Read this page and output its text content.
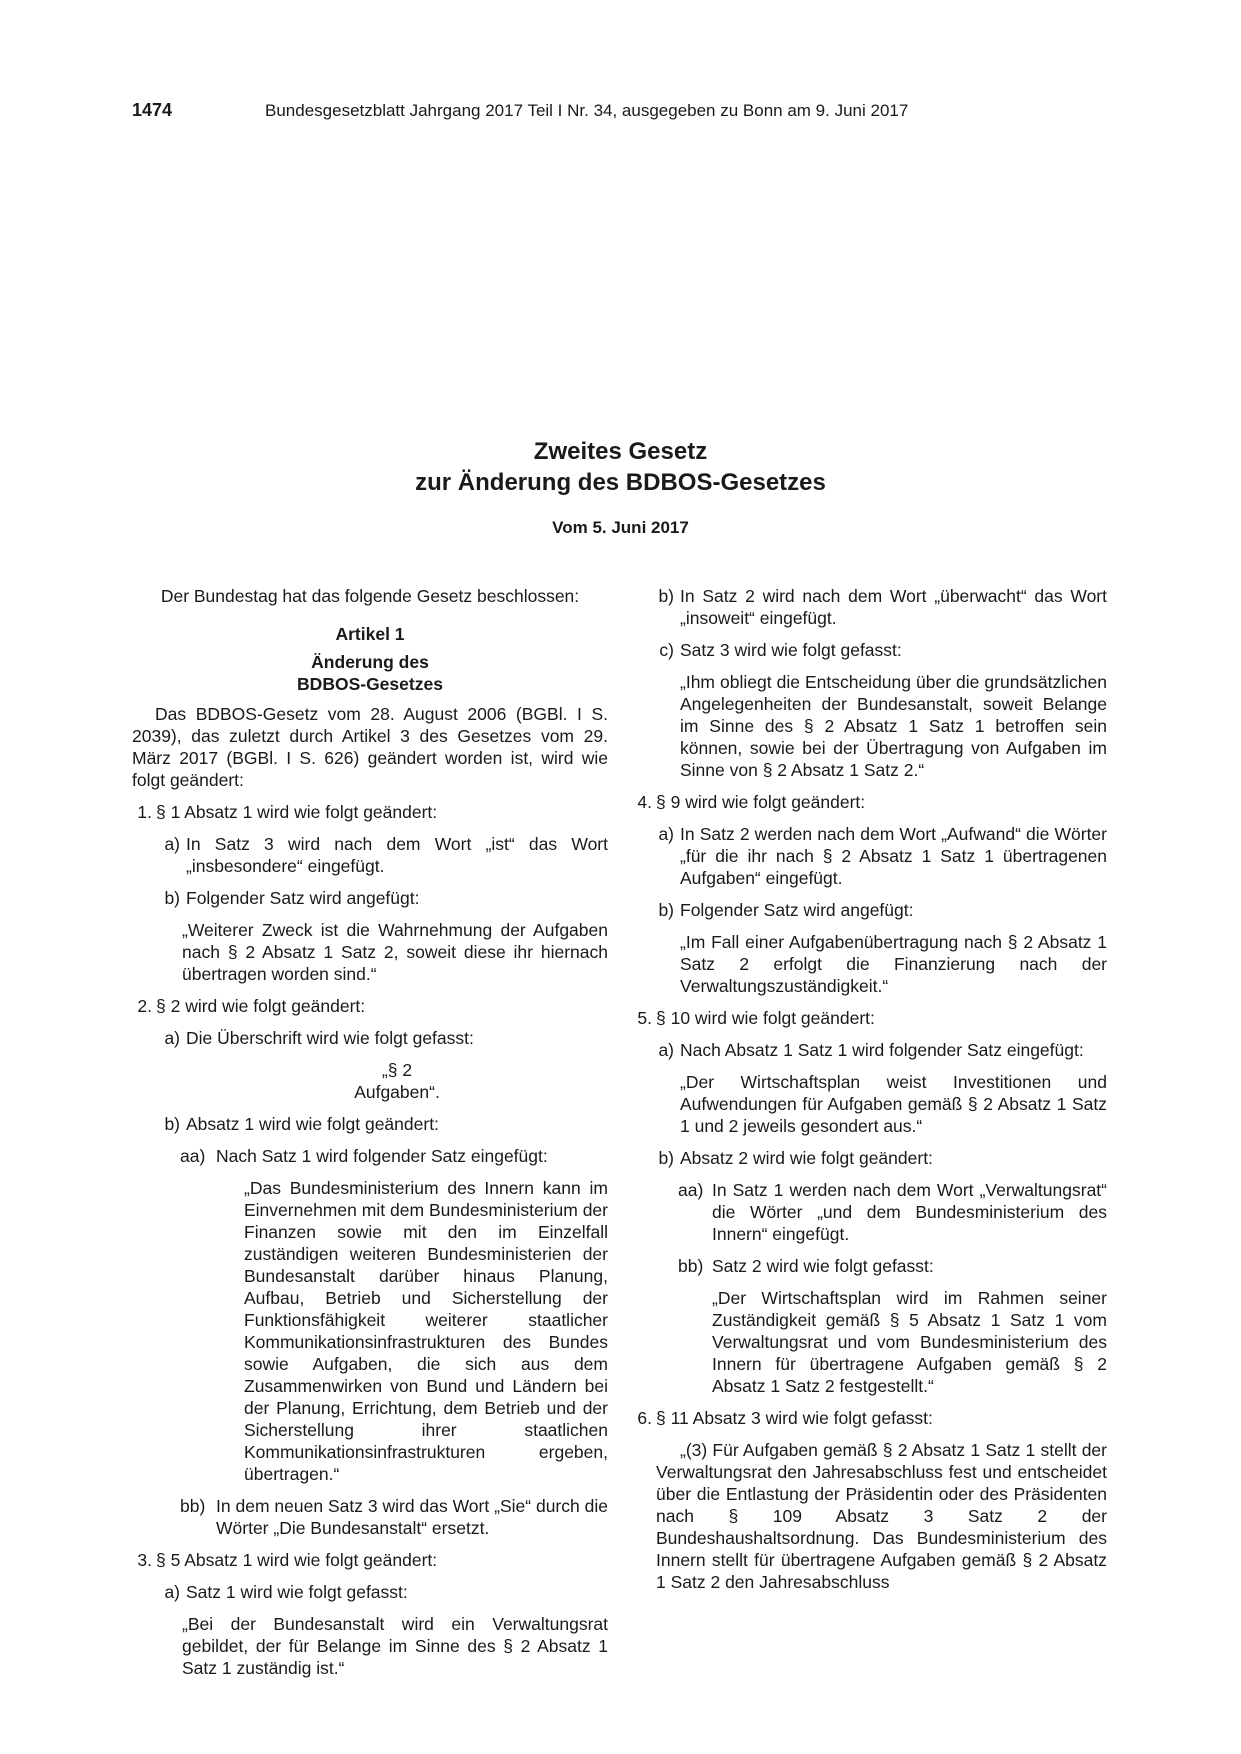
1474	Bundesgesetzblatt Jahrgang 2017 Teil I Nr. 34, ausgegeben zu Bonn am 9. Juni 2017
Zweites Gesetz
zur Änderung des BDBOS-Gesetzes
Vom 5. Juni 2017

Der Bundestag hat das folgende Gesetz beschlossen:

Artikel 1

Änderung des

BDBOS-Gesetzes

Das BDBOS-Gesetz vom 28. August 2006 (BGBl. I S. 2039), das zuletzt durch Artikel 3 des Gesetzes vom 29. März 2017 (BGBl. I S. 626) geändert worden ist, wird wie folgt geändert:

1. § 1 Absatz 1 wird wie folgt geändert:
a) In Satz 3 wird nach dem Wort „ist“ das Wort „insbesondere“ eingefügt.
b) Folgender Satz wird angefügt:

„Weiterer Zweck ist die Wahrnehmung der Aufgaben nach § 2 Absatz 1 Satz 2, soweit diese ihr hiernach übertragen worden sind.“

2. § 2 wird wie folgt geändert:
a) Die Überschrift wird wie folgt gefasst:

„§ 2

Aufgaben“.

b) Absatz 1 wird wie folgt geändert:
aa) Nach Satz 1 wird folgender Satz eingefügt:

„Das Bundesministerium des Innern kann im Einvernehmen mit dem Bundesministerium der Finanzen sowie mit den im Einzelfall zuständigen weiteren Bundesministerien der Bundesanstalt darüber hinaus Planung, Aufbau, Betrieb und Sicherstellung der Funktionsfähigkeit weiterer staatlicher Kommunikationsinfrastrukturen des Bundes sowie Aufgaben, die sich aus dem Zusammenwirken von Bund und Ländern bei der Planung, Errichtung, dem Betrieb und der Sicherstellung ihrer staatlichen Kommunikationsinfrastrukturen ergeben, übertragen.“

bb) In dem neuen Satz 3 wird das Wort „Sie“ durch die Wörter „Die Bundesanstalt“ ersetzt.
3. § 5 Absatz 1 wird wie folgt geändert:
a) Satz 1 wird wie folgt gefasst:

„Bei der Bundesanstalt wird ein Verwaltungsrat gebildet, der für Belange im Sinne des § 2 Absatz 1 Satz 1 zuständig ist.“

b) In Satz 2 wird nach dem Wort „überwacht“ das Wort „insoweit“ eingefügt.
c) Satz 3 wird wie folgt gefasst:

„Ihm obliegt die Entscheidung über die grundsätzlichen Angelegenheiten der Bundesanstalt, soweit Belange im Sinne des § 2 Absatz 1 Satz 1 betroffen sein können, sowie bei der Übertragung von Aufgaben im Sinne von § 2 Absatz 1 Satz 2.“

4. § 9 wird wie folgt geändert:
a) In Satz 2 werden nach dem Wort „Aufwand“ die Wörter „für die ihr nach § 2 Absatz 1 Satz 1 übertragenen Aufgaben“ eingefügt.
b) Folgender Satz wird angefügt:

„Im Fall einer Aufgabenübertragung nach § 2 Absatz 1 Satz 2 erfolgt die Finanzierung nach der Verwaltungszuständigkeit.“

5. § 10 wird wie folgt geändert:
a) Nach Absatz 1 Satz 1 wird folgender Satz eingefügt:

„Der Wirtschaftsplan weist Investitionen und Aufwendungen für Aufgaben gemäß § 2 Absatz 1 Satz 1 und 2 jeweils gesondert aus.“

b) Absatz 2 wird wie folgt geändert:
aa) In Satz 1 werden nach dem Wort „Verwaltungsrat“ die Wörter „und dem Bundesministerium des Innern“ eingefügt.
bb) Satz 2 wird wie folgt gefasst:

„Der Wirtschaftsplan wird im Rahmen seiner Zuständigkeit gemäß § 5 Absatz 1 Satz 1 vom Verwaltungsrat und vom Bundesministerium des Innern für übertragene Aufgaben gemäß § 2 Absatz 1 Satz 2 festgestellt.“

6. § 11 Absatz 3 wird wie folgt gefasst:

„(3) Für Aufgaben gemäß § 2 Absatz 1 Satz 1 stellt der Verwaltungsrat den Jahresabschluss fest und entscheidet über die Entlastung der Präsidentin oder des Präsidenten nach § 109 Absatz 3 Satz 2 der Bundeshaushaltsordnung. Das Bundesministerium des Innern stellt für übertragene Aufgaben gemäß § 2 Absatz 1 Satz 2 den Jahresabschluss
